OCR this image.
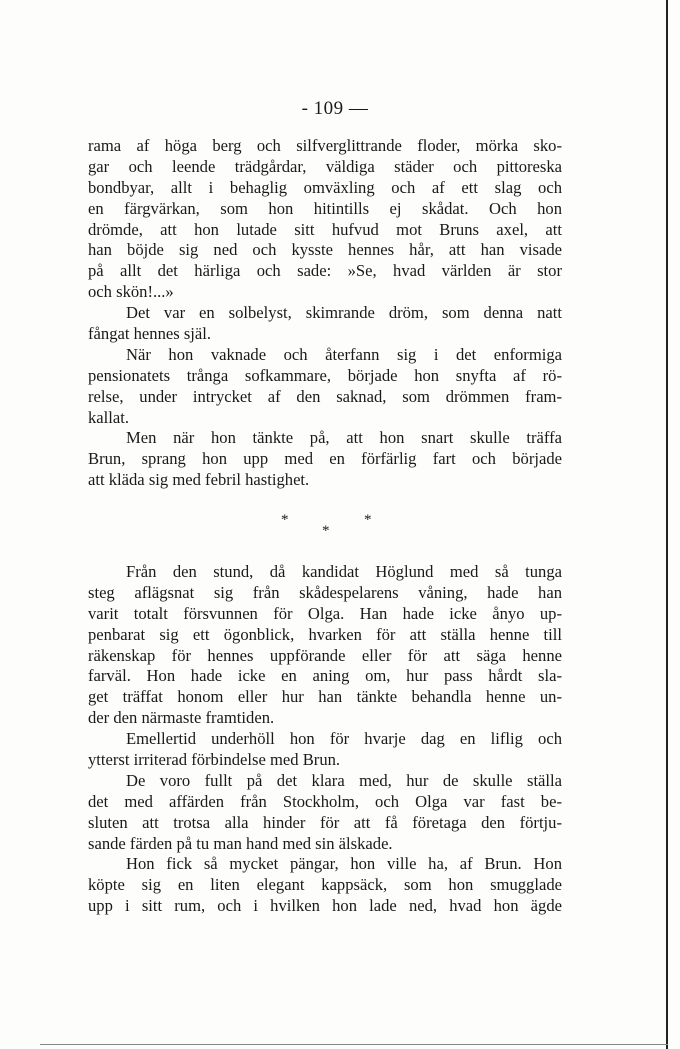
- 109 —
rama af höga berg och silfverglittrande floder, mörka sko-
gar och leende trädgårdar, väldiga städer och pittoreska
bondbyar, allt i behaglig omväxling och af ett slag och
en färgvärkan, som hon hitintills ej skådat. Och hon
drömde, att hon lutade sitt hufvud mot Bruns axel, att
han böjde sig ned och kysste hennes hår, att han visade
på allt det härliga och sade: »Se, hvad världen är stor
och skön!...»
Det var en solbelyst, skimrande dröm, som denna natt
fångat hennes själ.
När hon vaknade och återfann sig i det enformiga
pensionatets trånga sofkammare, började hon snyfta af rö-
relse, under intrycket af den saknad, som drömmen fram-
kallat.
Men när hon tänkte på, att hon snart skulle träffa
Brun, sprang hon upp med en förfärlig fart och började
att kläda sig med febril hastighet.
*
*
*
Från den stund, då kandidat Höglund med så tunga
steg aflägsnat sig från skådespelarens våning, hade han
varit totalt försvunnen för Olga. Han hade icke ånyo up-
penbarat sig ett ögonblick, hvarken för att ställa henne till
räkenskap för hennes uppförande eller för att säga henne
farväl. Hon hade icke en aning om, hur pass hårdt sla-
get träffat honom eller hur han tänkte behandla henne un-
der den närmaste framtiden.
Emellertid underhöll hon för hvarje dag en liflig och
ytterst irriterad förbindelse med Brun.
De voro fullt på det klara med, hur de skulle ställa
det med affärden från Stockholm, och Olga var fast be-
sluten att trotsa alla hinder för att få företaga den förtju-
sande färden på tu man hand med sin älskade.
Hon fick så mycket pängar, hon ville ha, af Brun. Hon
köpte sig en liten elegant kappsäck, som hon smugglade
upp i sitt rum, och i hvilken hon lade ned, hvad hon ägde
